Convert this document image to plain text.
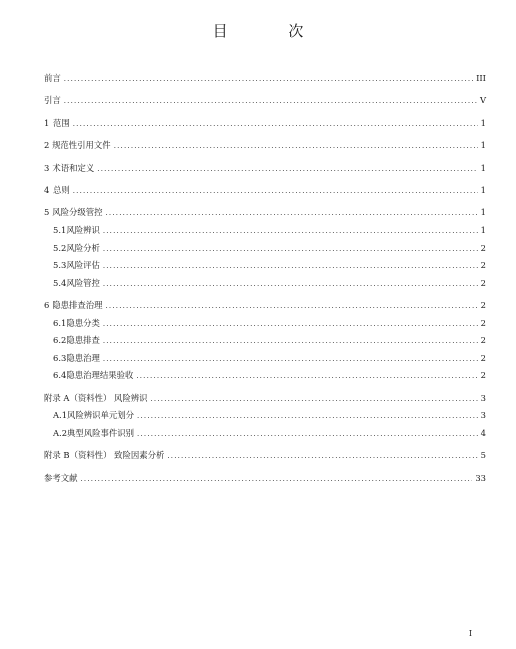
目 次
前言 .....	III
引言 .....	V
1 范围 .....	1
2 规范性引用文件 .....	1
3 术语和定义 .....	1
4 总则 .....	1
5 风险分级管控 .....	1
5.1 风险辨识 .....	1
5.2 风险分析 .....	2
5.3 风险评估 .....	2
5.4 风险管控 .....	2
6 隐患排查治理 .....	2
6.1 隐患分类 .....	2
6.2 隐患排查 .....	2
6.3 隐患治理 .....	2
6.4 隐患治理结果验收 .....	2
附录 A（资料性） 风险辨识 .....	3
A.1 风险辨识单元划分 .....	3
A.2 典型风险事件识别 .....	4
附录 B（资料性） 致险因素分析 .....	5
参考文献 .....	33
I
